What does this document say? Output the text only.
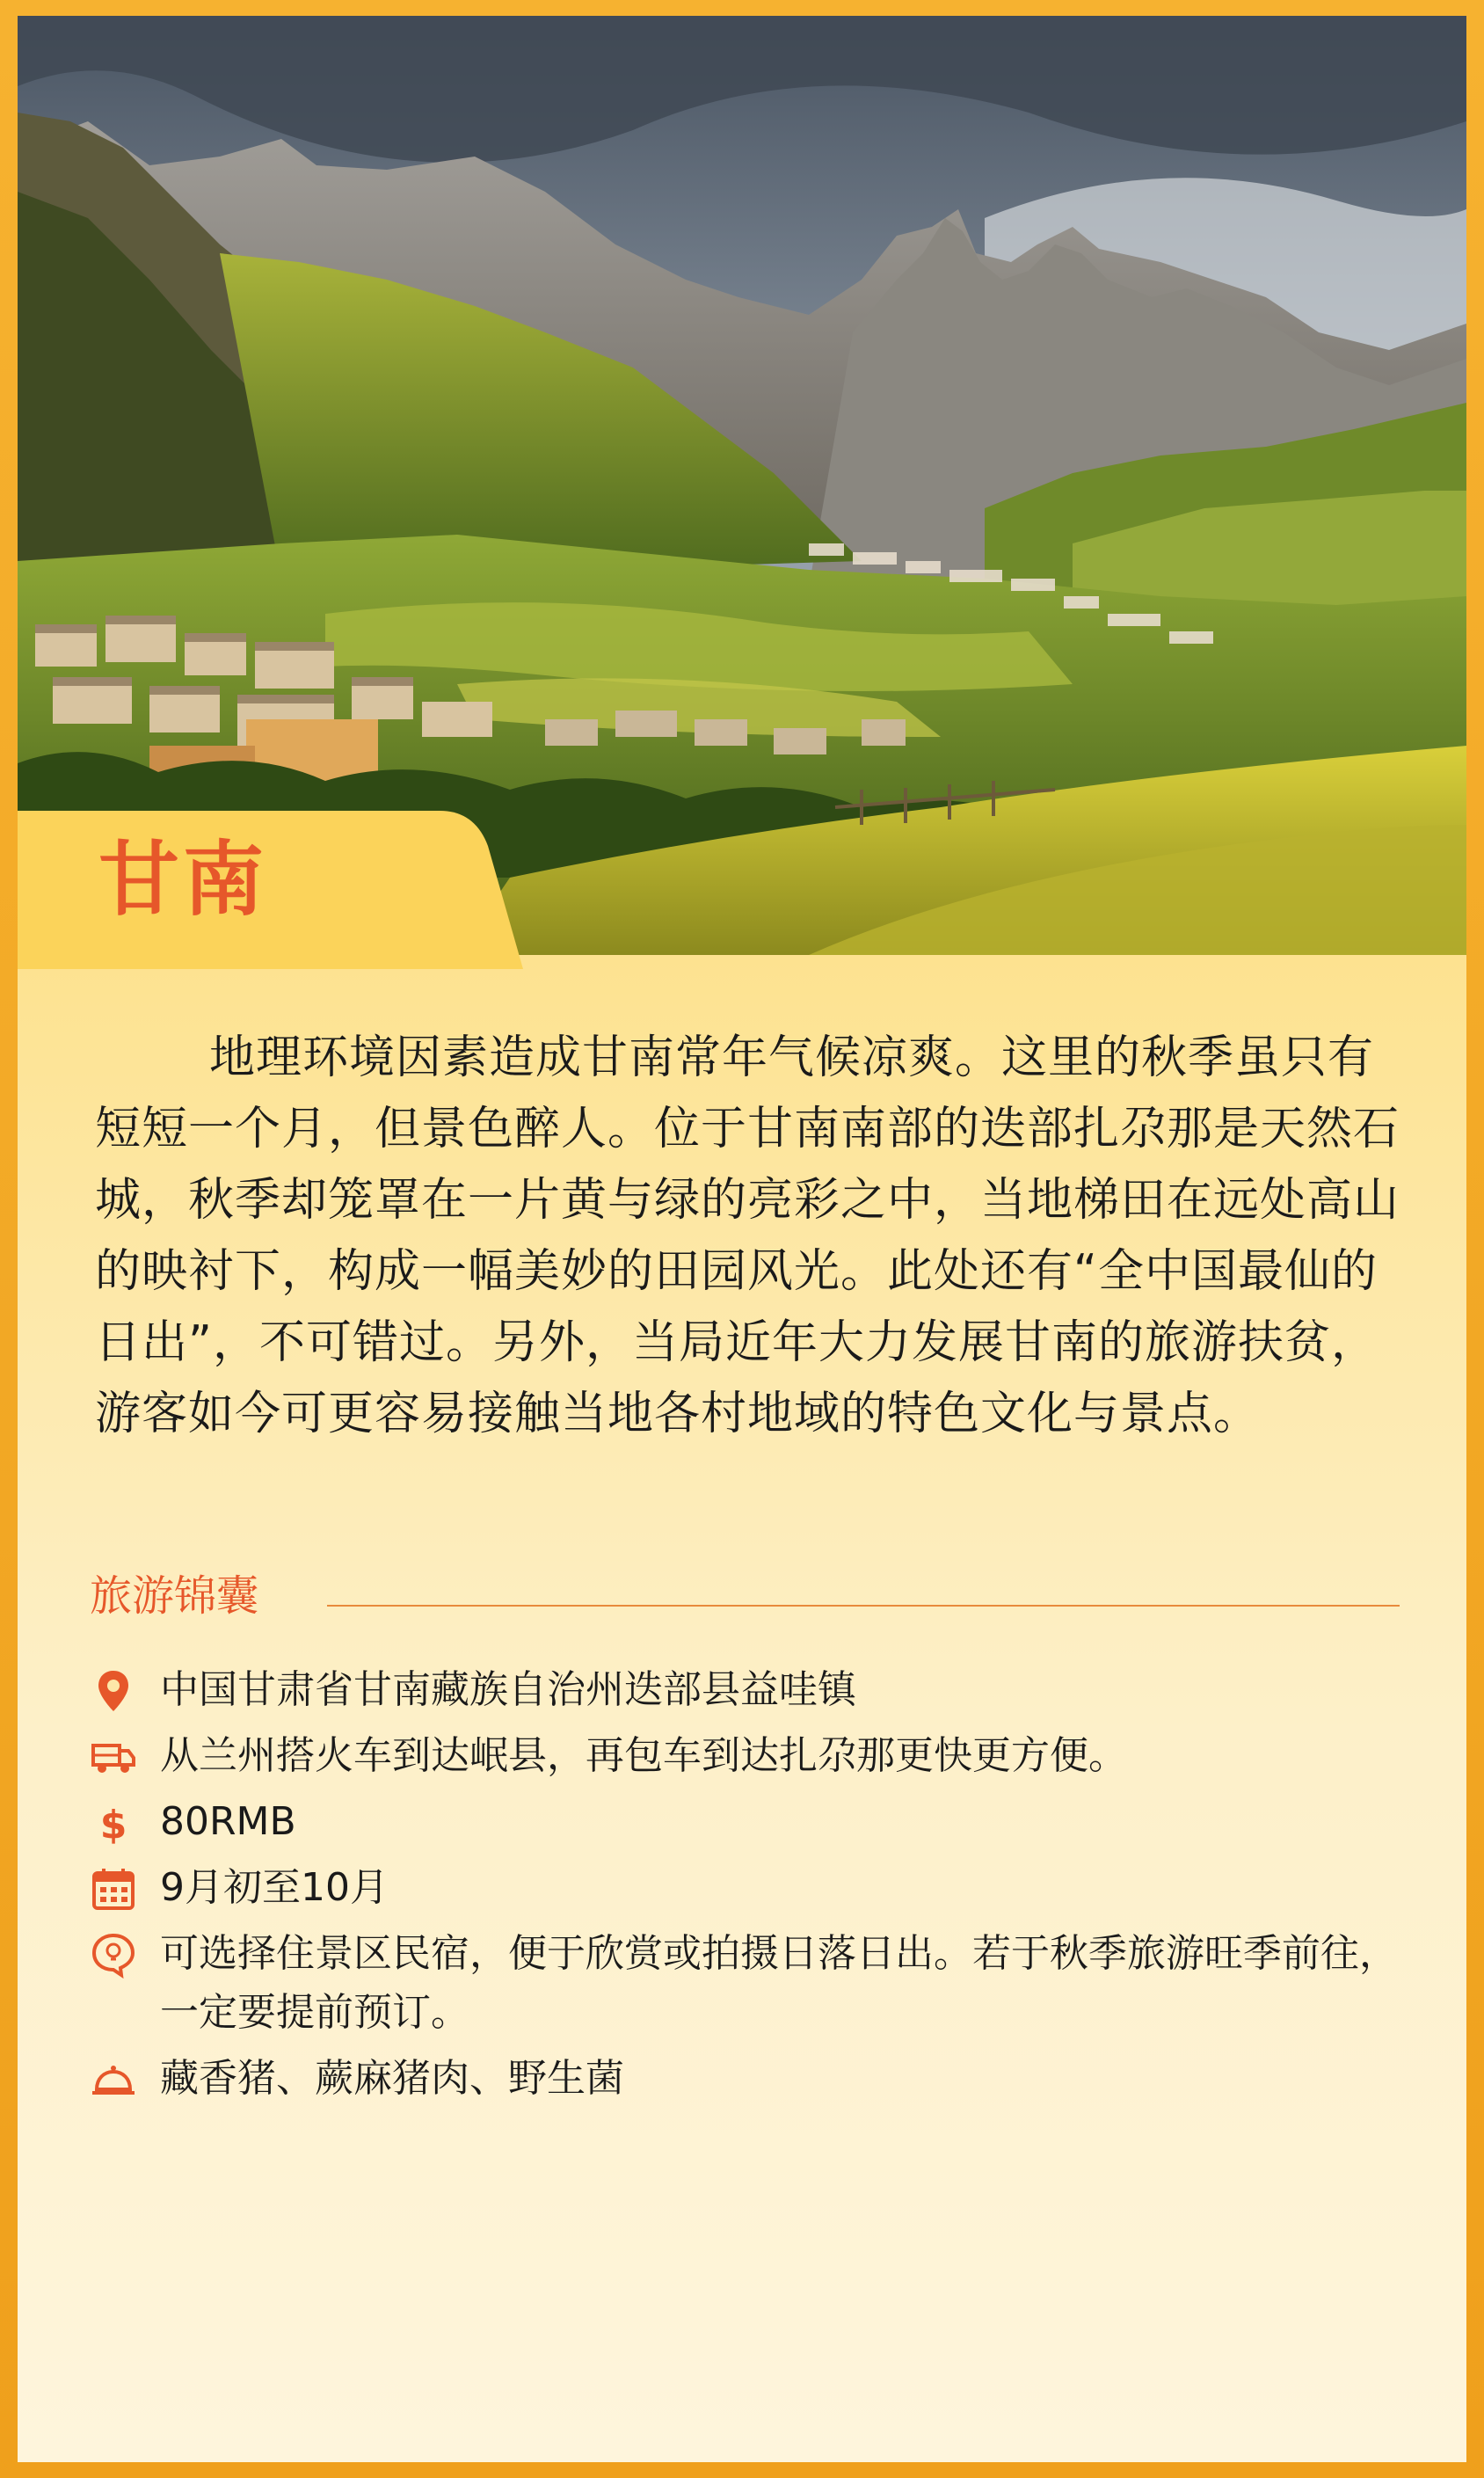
甘南

地理环境因素造成甘南常年气候凉爽。这里的秋季虽只有短短一个月，但景色醉人。位于甘南南部的迭部扎尕那是天然石城，秋季却笼罩在一片黄与绿的亮彩之中，当地梯田在远处高山的映衬下，构成一幅美妙的田园风光。此处还有“全中国最仙的日出”，不可错过。另外，当局近年大力发展甘南的旅游扶贫，游客如今可更容易接触当地各村地域的特色文化与景点。

旅游锦囊
中国甘肃省甘南藏族自治州迭部县益哇镇
从兰州搭火车到达岷县，再包车到达扎尕那更快更方便。
$ 80RMB
9月初至10月
可选择住景区民宿，便于欣赏或拍摄日落日出。若于秋季旅游旺季前往，一定要提前预订。
藏香猪、蕨麻猪肉、野生菌
